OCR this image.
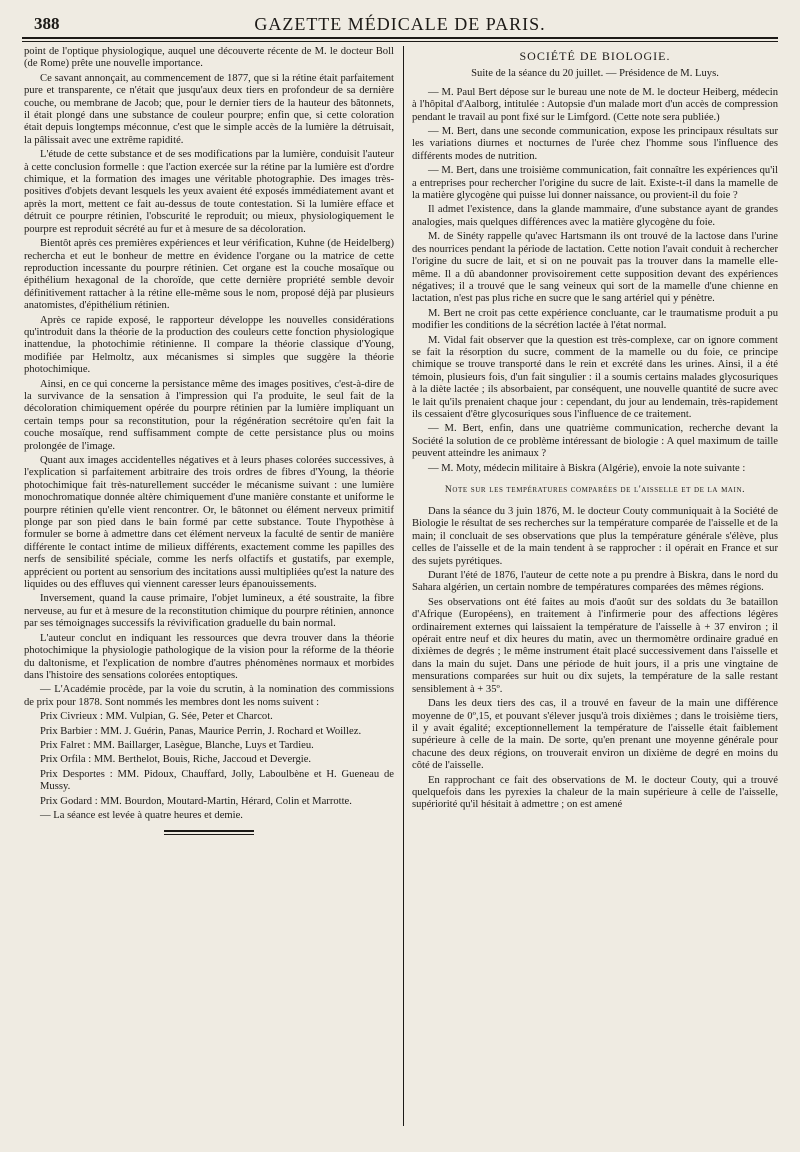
388	GAZETTE MÉDICALE DE PARIS.

point de l'optique physiologique, auquel une découverte récente de M. le docteur Boll (de Rome) prête une nouvelle importance.

Ce savant annonçait, au commencement de 1877, que si la rétine était parfaitement pure et transparente, ce n'était que jusqu'aux deux tiers en profondeur de sa dernière couche, ou membrane de Jacob; que, pour le dernier tiers de la hauteur des bâtonnets, il était plongé dans une substance de couleur pourpre; enfin que, si cette coloration était depuis longtemps méconnue, c'est que le simple accès de la lumière la détruisait, la pâlissait avec une extrême rapidité.

L'étude de cette substance et de ses modifications par la lumière, conduisit l'auteur à cette conclusion formelle : que l'action exercée sur la rétine par la lumière est d'ordre chimique, et la formation des images une véritable photographie. Des images très-positives d'objets devant lesquels les yeux avaient été exposés immédiatement avant et après la mort, mettent ce fait au-dessus de toute contestation. Si la lumière efface et détruit ce pourpre rétinien, l'obscurité le reproduit; ou mieux, physiologiquement le pourpre est reproduit sécrété au fur et à mesure de sa décoloration.

Bientôt après ces premières expériences et leur vérification, Kuhne (de Heidelberg) recherchа et eut le bonheur de mettre en évidence l'organe ou la matrice de cette reproduction incessante du pourpre rétinien. Cet organe est la couche mosaïque ou épithélium hexagonal de la choroïde, que cette dernière propriété semble devoir définitivement rattacher à la rétine elle-même sous le nom, proposé déjà par plusieurs anatomistes, d'épithélium rétinien.

Après ce rapide exposé, le rapporteur développe les nouvelles considérations qu'introduit dans la théorie de la production des couleurs cette fonction physiologique inattendue, la photochimie rétinienne. Il compare la théorie classique d'Young, modifiée par Helmoltz, aux mécanismes si simples que suggère la théorie photochimique.

Ainsi, en ce qui concerne la persistance même des images positives, c'est-à-dire de la survivance de la sensation à l'impression qui l'a produite, le seul fait de la décoloration chimiquement opérée du pourpre rétinien par la lumière impliquant un certain temps pour sa reconstitution, pour la régénération secrétoire qu'en fait la couche mosaïque, rend suffisamment compte de cette persistance plus ou moins prolongée de l'image.

Quant aux images accidentelles négatives et à leurs phases colorées successives, à l'explication si parfaitement arbitraire des trois ordres de fibres d'Young, la théorie photochimique fait très-naturellement succéder le mécanisme suivant : une lumière monochromatique donnée altère chimiquement d'une manière constante et uniforme le pourpre rétinien qu'elle vient rencontrer. Or, le bâtonnet ou élément nerveux primitif plonge par son pied dans le bain formé par cette substance. Toute l'hypothèse à formuler se borne à admettre dans cet élément nerveux la faculté de sentir de manière différente le contact intime de milieux différents, exactement comme les papilles des nerfs de sensibilité spéciale, comme les nerfs olfactifs et gustatifs, par exemple, apprécient ou portent au sensorium des incitations aussi multipliées qu'est la nature des liquides ou des effluves qui viennent caresser leurs épanouissements.

Inversement, quand la cause primaire, l'objet lumineux, a été soustraite, la fibre nerveuse, au fur et à mesure de la reconstitution chimique du pourpre rétinien, annonce par ses témoignages successifs la révivification graduelle du bain normal.

L'auteur conclut en indiquant les ressources que devra trouver dans la théorie photochimique la physiologie pathologique de la vision pour la réforme de la théorie du daltonisme, et l'explication de nombre d'autres phénomènes normaux et morbides dans l'histoire des sensations colorées entoptiques.

— L'Académie procède, par la voie du scrutin, à la nomination des commissions de prix pour 1878. Sont nommés les membres dont les noms suivent :

Prix Civrieux : MM. Vulpian, G. Sée, Peter et Charcot.

Prix Barbier : MM. J. Guérin, Panas, Maurice Perrin, J. Rochard et Woillez.

Prix Falret : MM. Baillarger, Lasègue, Blanche, Luys et Tardieu.

Prix Orfila : MM. Berthelot, Bouis, Riche, Jaccoud et Devergie.

Prix Desportes : MM. Pidoux, Chauffard, Jolly, Laboulbène et H. Gueneau de Mussy.

Prix Godard : MM. Bourdon, Moutard-Martin, Hérard, Colin et Marrotte.

— La séance est levée à quatre heures et demie.

SOCIÉTÉ DE BIOLOGIE.
Suite de la séance du 20 juillet. — Présidence de M. Luys.

— M. Paul Bert dépose sur le bureau une note de M. le docteur Heiberg, médecin à l'hôpital d'Aalborg, intitulée : Autopsie d'un malade mort d'un accès de compression pendant le travail au pont fixé sur le Limfgord. (Cette note sera publiée.)

— M. Bert, dans une seconde communication, expose les principaux résultats sur les variations diurnes et nocturnes de l'urée chez l'homme sous l'influence des différents modes de nutrition.

— M. Bert, dans une troisième communication, fait connaître les expériences qu'il a entreprises pour rechercher l'origine du sucre de lait. Existe-t-il dans la mamelle de la matière glycogène qui puisse lui donner naissance, ou provient-il du foie ?

Il admet l'existence, dans la glande mammaire, d'une substance ayant de grandes analogies, mais quelques différences avec la matière glycogène du foie.

M. de Sinéty rappelle qu'avec Hartsmann ils ont trouvé de la lactose dans l'urine des nourrices pendant la période de lactation. Cette notion l'avait conduit à rechercher l'origine du sucre de lait, et si on ne pouvait pas la trouver dans la mamelle elle-même. Il a dû abandonner provisoirement cette supposition devant des expériences négatives; il a trouvé que le sang veineux qui sort de la mamelle d'une chienne en lactation, n'est pas plus riche en sucre que le sang artériel qui y pénètre.

M. Bert ne croit pas cette expérience concluante, car le traumatisme produit a pu modifier les conditions de la sécrétion lactée à l'état normal.

M. Vidal fait observer que la question est très-complexe, car on ignore comment se fait la résorption du sucre, comment de la mamelle ou du foie, ce principe chimique se trouve transporté dans le rein et excrété dans les urines. Ainsi, il a été témoin, plusieurs fois, d'un fait singulier : il a soumis certains malades glycosuriques à la diète lactée ; ils absorbaient, par conséquent, une nouvelle quantité de sucre avec le lait qu'ils prenaient chaque jour : cependant, du jour au lendemain, très-rapidement ils cessaient d'être glycosuriques sous l'influence de ce traitement.

— M. Bert, enfin, dans une quatrième communication, recherche devant la Société la solution de ce problème intéressant de biologie : A quel maximum de taille peuvent atteindre les animaux ?

— M. Moty, médecin militaire à Biskra (Algérie), envoie la note suivante :

Note sur les températures comparées de l'aisselle et de la main.

Dans la séance du 3 juin 1876, M. le docteur Couty communiquait à la Société de Biologie le résultat de ses recherches sur la température comparée de l'aisselle et de la main; il concluait de ses observations que plus la température générale s'élève, plus celles de l'aisselle et de la main tendent à se rapprocher : il opérait en France et sur des sujets pyrétiques.

Durant l'été de 1876, l'auteur de cette note a pu prendre à Biskra, dans le nord du Sahara algérien, un certain nombre de températures comparées des mêmes régions.

Ses observations ont été faites au mois d'août sur des soldats du 3e bataillon d'Afrique (Européens), en traitement à l'infirmerie pour des affections légères ordinairement externes qui laissaient la température de l'aisselle à + 37 environ ; il opérait entre neuf et dix heures du matin, avec un thermomètre ordinaire gradué en dixièmes de degrés ; le même instrument était placé successivement dans l'aisselle et dans la main du sujet. Dans une période de huit jours, il a pris une vingtaine de mensurations comparées sur huit ou dix sujets, la température de la salle restant sensiblement à + 35º.

Dans les deux tiers des cas, il a trouvé en faveur de la main une différence moyenne de 0º,15, et pouvant s'élever jusqu'à trois dixièmes ; dans le troisième tiers, il y avait égalité; exceptionnellement la température de l'aisselle était faiblement supérieure à celle de la main. De sorte, qu'en prenant une moyenne générale pour chacune des deux régions, on trouverait environ un dixième de degré en moins du côté de l'aisselle.

En rapprochant ce fait des observations de M. le docteur Couty, qui a trouvé quelquefois dans les pyrexies la chaleur de la main supérieure à celle de l'aisselle, supériorité qu'il hésitait à admettre ; on est amené
